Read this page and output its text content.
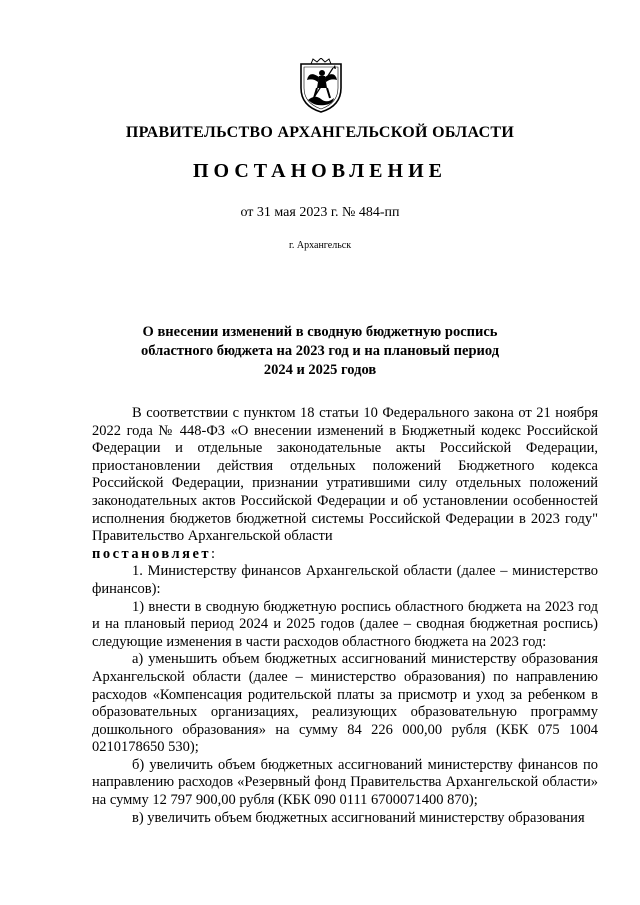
ПРАВИТЕЛЬСТВО АРХАНГЕЛЬСКОЙ ОБЛАСТИ
ПОСТАНОВЛЕНИЕ
от 31 мая 2023 г. № 484-пп
г. Архангельск
О внесении изменений в сводную бюджетную роспись
областного бюджета на 2023 год и на плановый период
2024 и 2025 годов

В соответствии с пунктом 18 статьи 10 Федерального закона от 21 ноября 2022 года № 448-ФЗ «О внесении изменений в Бюджетный кодекс Российской Федерации и отдельные законодательные акты Российской Федерации, приостановлении действия отдельных положений Бюджетного кодекса Российской Федерации, признании утратившими силу отдельных положений законодательных актов Российской Федерации и об установлении особенностей исполнения бюджетов бюджетной системы Российской Федерации в 2023 году" Правительство Архангельской области

постановляет:

1. Министерству финансов Архангельской области (далее – министерство финансов):

1) внести в сводную бюджетную роспись областного бюджета на 2023 год и на плановый период 2024 и 2025 годов (далее – сводная бюджетная роспись) следующие изменения в части расходов областного бюджета на 2023 год:

а) уменьшить объем бюджетных ассигнований министерству образования Архангельской области (далее – министерство образования) по направлению расходов «Компенсация родительской платы за присмотр и уход за ребенком в образовательных организациях, реализующих образовательную программу дошкольного образования» на сумму 84 226 000,00 рубля (КБК 075 1004 0210178650 530);

б) увеличить объем бюджетных ассигнований министерству финансов по направлению расходов «Резервный фонд Правительства Архангельской области» на сумму 12 797 900,00 рубля (КБК 090 0111 6700071400 870);

в) увеличить объем бюджетных ассигнований министерству образования
